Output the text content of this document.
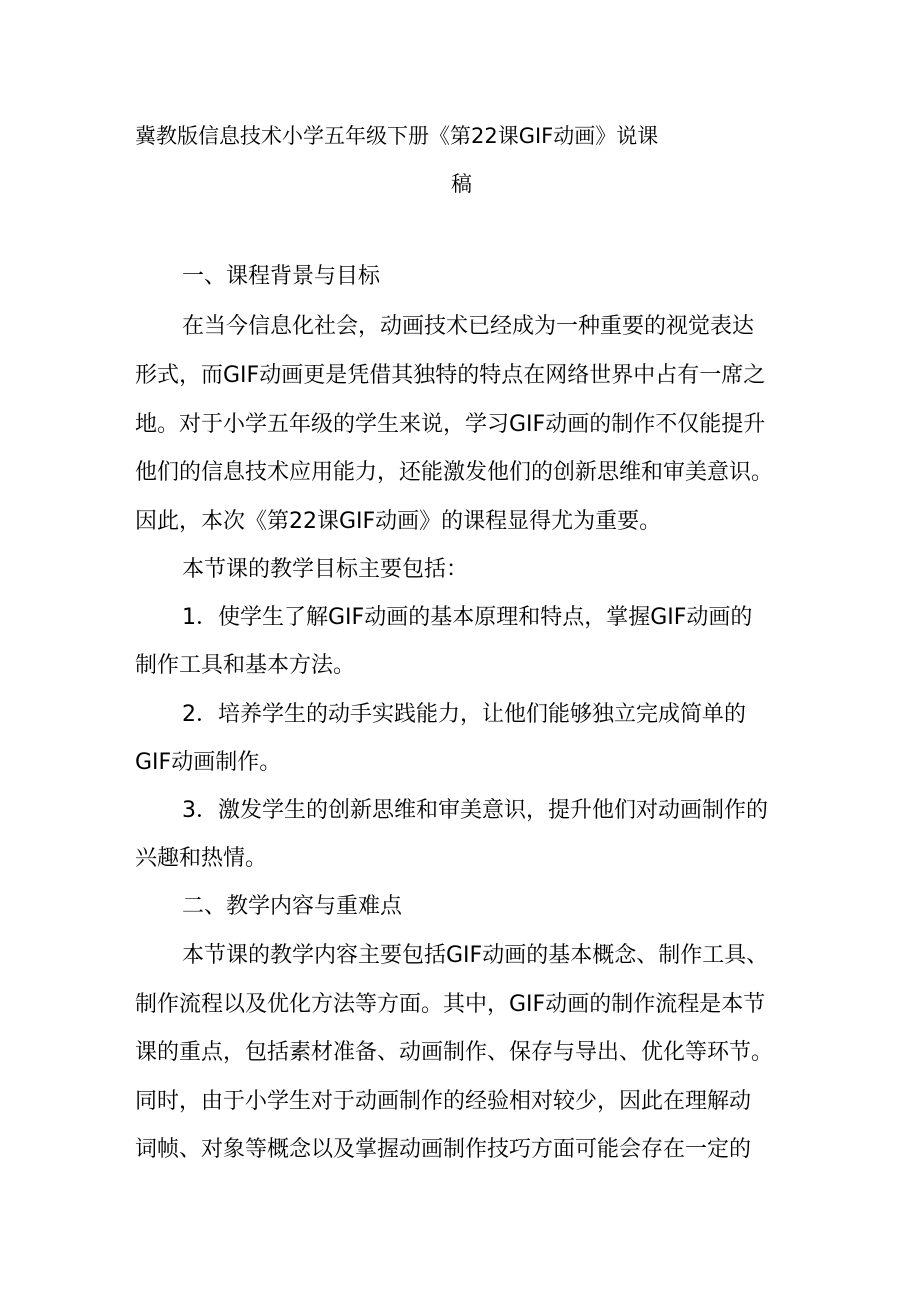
冀教版信息技术小学五年级下册《第22课GIF动画》说课
稿
一、课程背景与目标
在当今信息化社会，动画技术已经成为一种重要的视觉表达
形式，而GIF动画更是凭借其独特的特点在网络世界中占有一席之
地。对于小学五年级的学生来说，学习GIF动画的制作不仅能提升
他们的信息技术应用能力，还能激发他们的创新思维和审美意识。
因此，本次《第22课GIF动画》的课程显得尤为重要。
本节课的教学目标主要包括：
1．使学生了解GIF动画的基本原理和特点，掌握GIF动画的
制作工具和基本方法。
2．培养学生的动手实践能力，让他们能够独立完成简单的
GIF动画制作。
3．激发学生的创新思维和审美意识，提升他们对动画制作的
兴趣和热情。
二、教学内容与重难点
本节课的教学内容主要包括GIF动画的基本概念、制作工具、
制作流程以及优化方法等方面。其中，GIF动画的制作流程是本节
课的重点，包括素材准备、动画制作、保存与导出、优化等环节。
同时，由于小学生对于动画制作的经验相对较少，因此在理解动
词帧、对象等概念以及掌握动画制作技巧方面可能会存在一定的
